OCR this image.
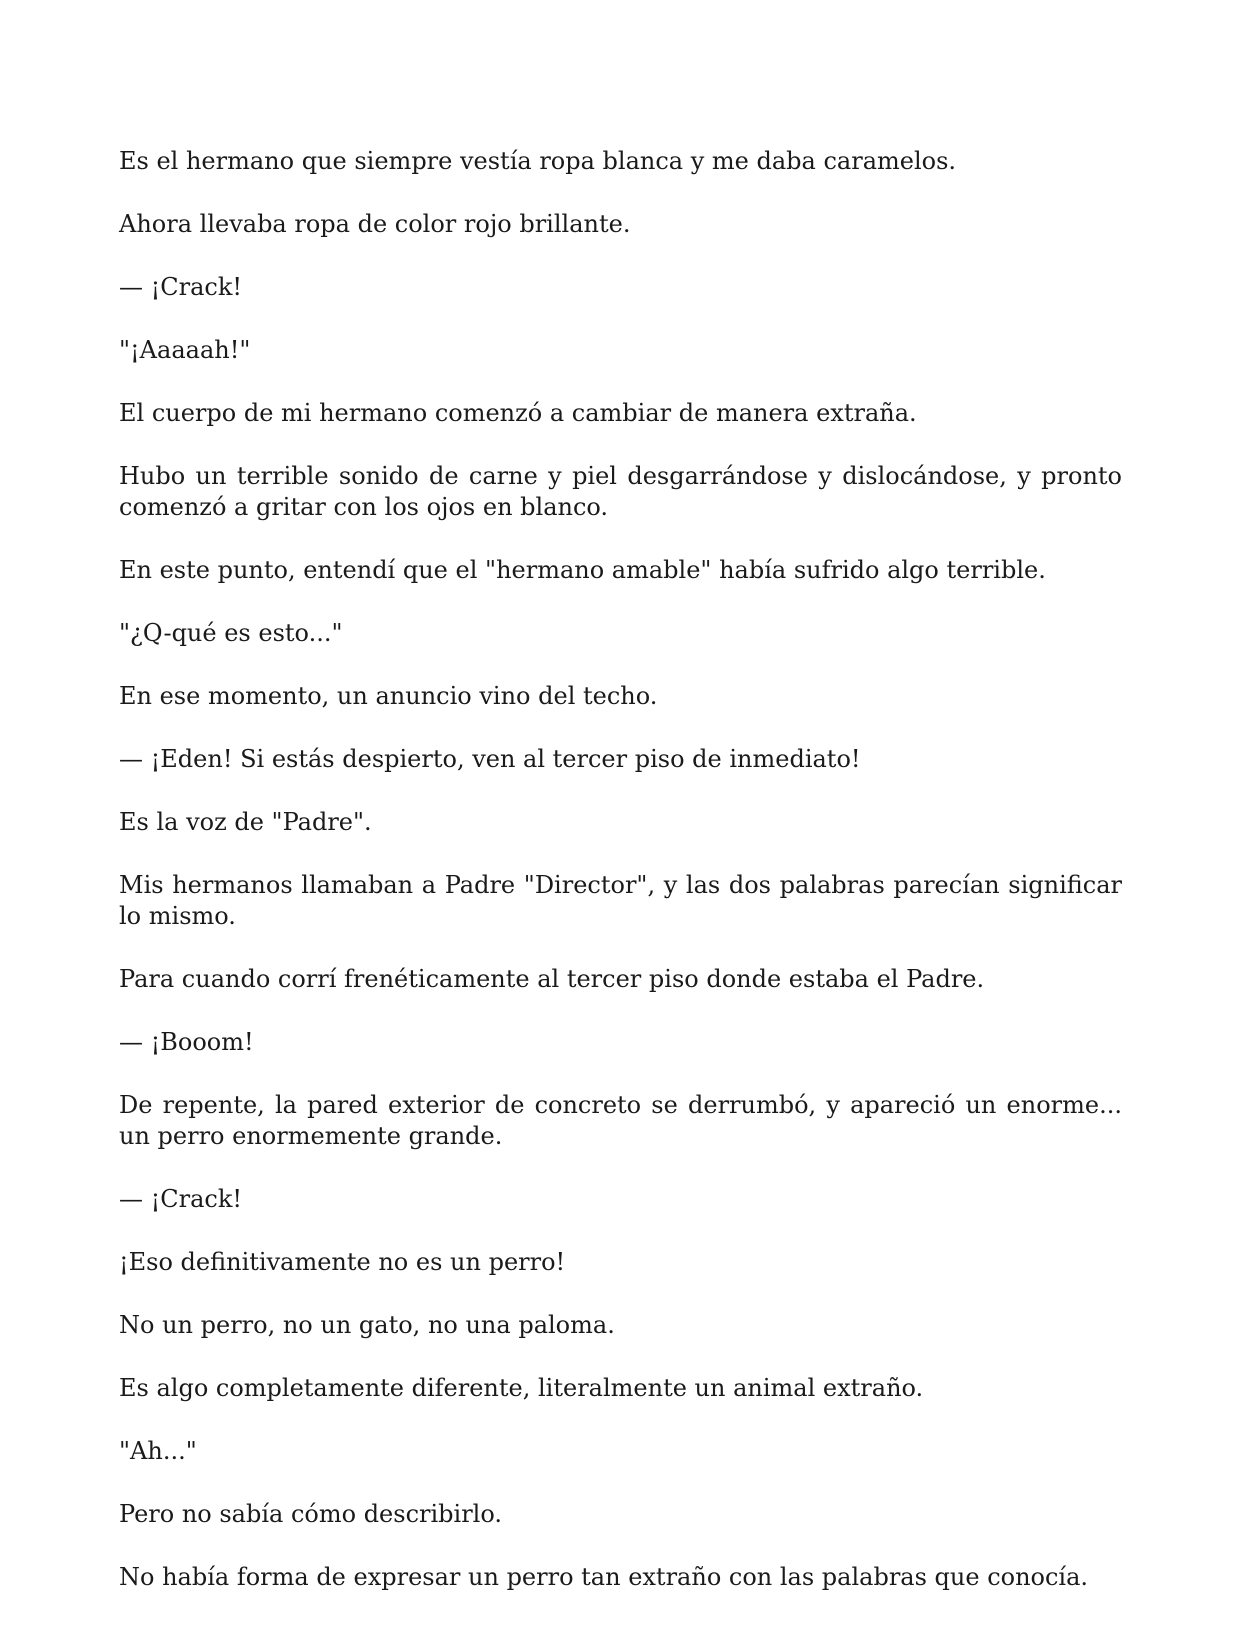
Es el hermano que siempre vestía ropa blanca y me daba caramelos.

Ahora llevaba ropa de color rojo brillante.

— ¡Crack!

"¡Aaaaah!"

El cuerpo de mi hermano comenzó a cambiar de manera extraña.

Hubo un terrible sonido de carne y piel desgarrándose y dislocándose, y pronto comenzó a gritar con los ojos en blanco.

En este punto, entendí que el "hermano amable" había sufrido algo terrible.

"¿Q-qué es esto..."

En ese momento, un anuncio vino del techo.

— ¡Eden! Si estás despierto, ven al tercer piso de inmediato!

Es la voz de "Padre".

Mis hermanos llamaban a Padre "Director", y las dos palabras parecían significar lo mismo.

Para cuando corrí frenéticamente al tercer piso donde estaba el Padre.

— ¡Booom!

De repente, la pared exterior de concreto se derrumbó, y apareció un enorme... un perro enormemente grande.

— ¡Crack!

¡Eso definitivamente no es un perro!

No un perro, no un gato, no una paloma.

Es algo completamente diferente, literalmente un animal extraño.

"Ah..."

Pero no sabía cómo describirlo.

No había forma de expresar un perro tan extraño con las palabras que conocía.
